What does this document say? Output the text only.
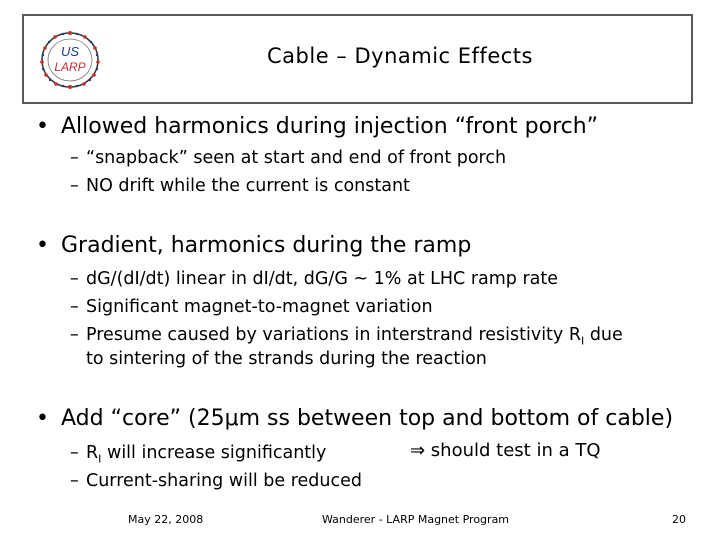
US
LARP	Cable – Dynamic Effects
• Allowed harmonics during injection “front porch”
– “snapback” seen at start and end of front porch
– NO drift while the current is constant
• Gradient, harmonics during the ramp
– dG/(dI/dt) linear in dI/dt, dG/G ~ 1% at LHC ramp rate
– Significant magnet-to-magnet variation
– Presume caused by variations in interstrand resistivity $R_I$ due
to sintering of the strands during the reaction
• Add “core” (25μm ss between top and bottom of cable)
– $R_I$ will increase significantly
– Current-sharing will be reduced
⇒ should test in a TQ
May 22, 2008	Wanderer - LARP Magnet Program	20
